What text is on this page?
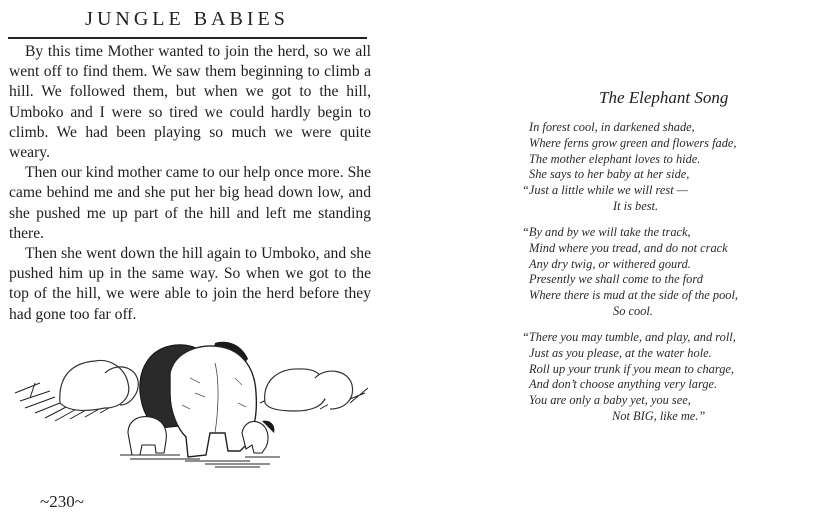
JUNGLE BABIES

By this time Mother wanted to join the herd, so we all went off to find them. We saw them beginning to climb a hill. We followed them, but when we got to the hill, Umboko and I were so tired we could hardly begin to climb. We had been playing so much we were quite weary.

Then our kind mother came to our help once more. She came behind me and she put her big head down low, and she pushed me up part of the hill and left me standing there.

Then she went down the hill again to Umboko, and she pushed him up in the same way. So when we got to the top of the hill, we were able to join the herd before they had gone too far off.

~230~
The Elephant Song
In forest cool, in darkened shade,
Where ferns grow green and flowers fade,
The mother elephant loves to hide.
She says to her baby at her side,
“Just a little while we will rest —
It is best.
“By and by we will take the track,
Mind where you tread, and do not crack
Any dry twig, or withered gourd.
Presently we shall come to the ford
Where there is mud at the side of the pool,
So cool.
“There you may tumble, and play, and roll,
Just as you please, at the water hole.
Roll up your trunk if you mean to charge,
And don’t choose anything very large.
You are only a baby yet, you see,
Not BIG, like me.”
